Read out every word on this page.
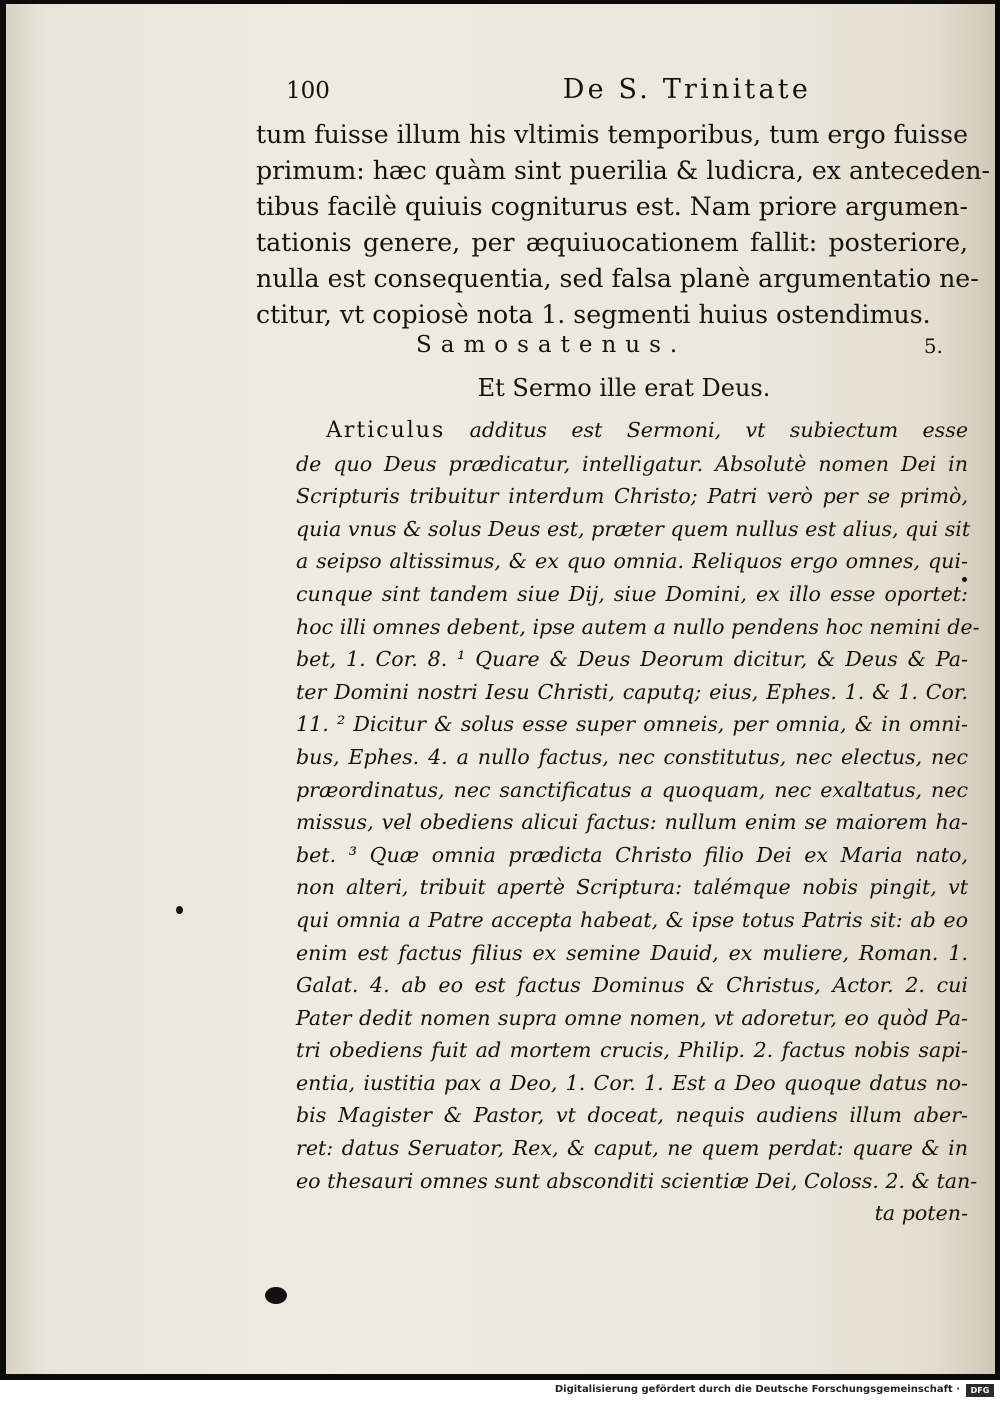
100	De S. Trinitate
tum fuisse illum his vltimis temporibus, tum ergo fuisse
primum: hæc quàm sint puerilia & ludicra, ex anteceden-
tibus facilè quiuis cogniturus est. Nam priore argumen-
tationis genere, per æquiuocationem fallit: posteriore,
nulla est consequentia, sed falsa planè argumentatio ne-
ctitur, vt copiosè nota 1. segmenti huius ostendimus.
Samosatenus.	5.
Et Sermo ille erat Deus.
Articulus additus est Sermoni, vt subiectum esse
de quo Deus prædicatur, intelligatur. Absolutè nomen Dei in
Scripturis tribuitur interdum Christo; Patri verò per se primò,
quia vnus & solus Deus est, præter quem nullus est alius, qui sit
a seipso altissimus, & ex quo omnia. Reliquos ergo omnes, qui-
cunque sint tandem siue Dij, siue Domini, ex illo esse oportet:
hoc illi omnes debent, ipse autem a nullo pendens hoc nemini de-
bet, 1. Cor. 8. ¹ Quare & Deus Deorum dicitur, & Deus & Pa-
ter Domini nostri Iesu Christi, caputq; eius, Ephes. 1. & 1. Cor.
11. ² Dicitur & solus esse super omneis, per omnia, & in omni-
bus, Ephes. 4. a nullo factus, nec constitutus, nec electus, nec
præordinatus, nec sanctificatus a quoquam, nec exaltatus, nec
missus, vel obediens alicui factus: nullum enim se maiorem ha-
bet. ³ Quæ omnia prædicta Christo filio Dei ex Maria nato,
non alteri, tribuit apertè Scriptura: talémque nobis pingit, vt
qui omnia a Patre accepta habeat, & ipse totus Patris sit: ab eo
enim est factus filius ex semine Dauid, ex muliere, Roman. 1.
Galat. 4. ab eo est factus Dominus & Christus, Actor. 2. cui
Pater dedit nomen supra omne nomen, vt adoretur, eo quòd Pa-
tri obediens fuit ad mortem crucis, Philip. 2. factus nobis sapi-
entia, iustitia pax a Deo, 1. Cor. 1. Est a Deo quoque datus no-
bis Magister & Pastor, vt doceat, nequis audiens illum aber-
ret: datus Seruator, Rex, & caput, ne quem perdat: quare & in
eo thesauri omnes sunt absconditi scientiæ Dei, Coloss. 2. & tan-
ta poten-
Digitalisierung gefördert durch die Deutsche Forschungsgemeinschaft ·	DFG
